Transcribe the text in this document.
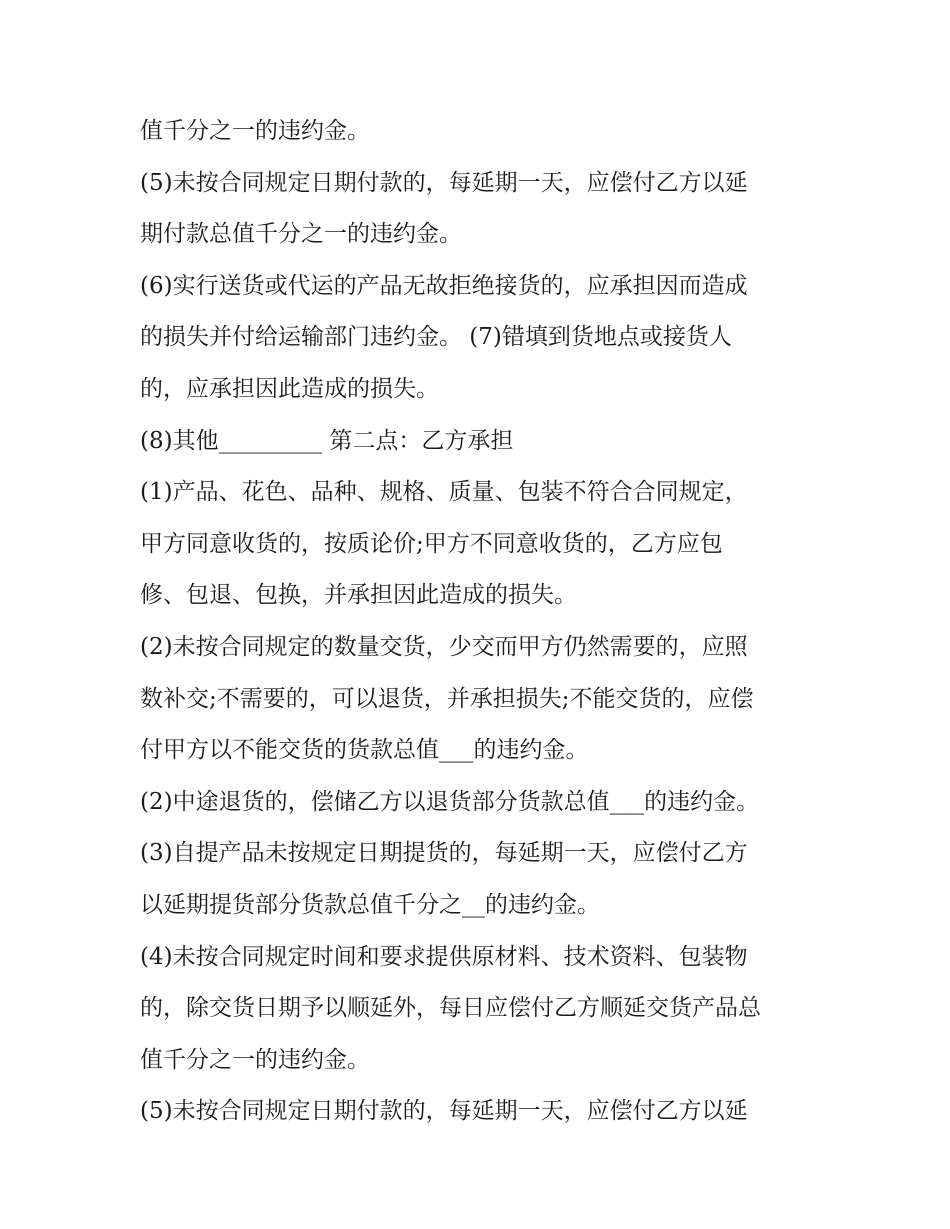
值千分之一的违约金。

(5)未按合同规定日期付款的，每延期一天，应偿付乙方以延

期付款总值千分之一的违约金。

(6)实行送货或代运的产品无故拒绝接货的，应承担因而造成

的损失并付给运输部门违约金。 (7)错填到货地点或接货人

的，应承担因此造成的损失。

(8)其他_________ 第二点：乙方承担

(1)产品、花色、品种、规格、质量、包装不符合合同规定，

甲方同意收货的，按质论价;甲方不同意收货的，乙方应包

修、包退、包换，并承担因此造成的损失。

(2)未按合同规定的数量交货，少交而甲方仍然需要的，应照

数补交;不需要的，可以退货，并承担损失;不能交货的，应偿

付甲方以不能交货的货款总值___的违约金。

(2)中途退货的，偿储乙方以退货部分货款总值___的违约金。

(3)自提产品未按规定日期提货的，每延期一天，应偿付乙方

以延期提货部分货款总值千分之__的违约金。

(4)未按合同规定时间和要求提供原材料、技术资料、包装物

的，除交货日期予以顺延外，每日应偿付乙方顺延交货产品总

值千分之一的违约金。

(5)未按合同规定日期付款的，每延期一天，应偿付乙方以延
